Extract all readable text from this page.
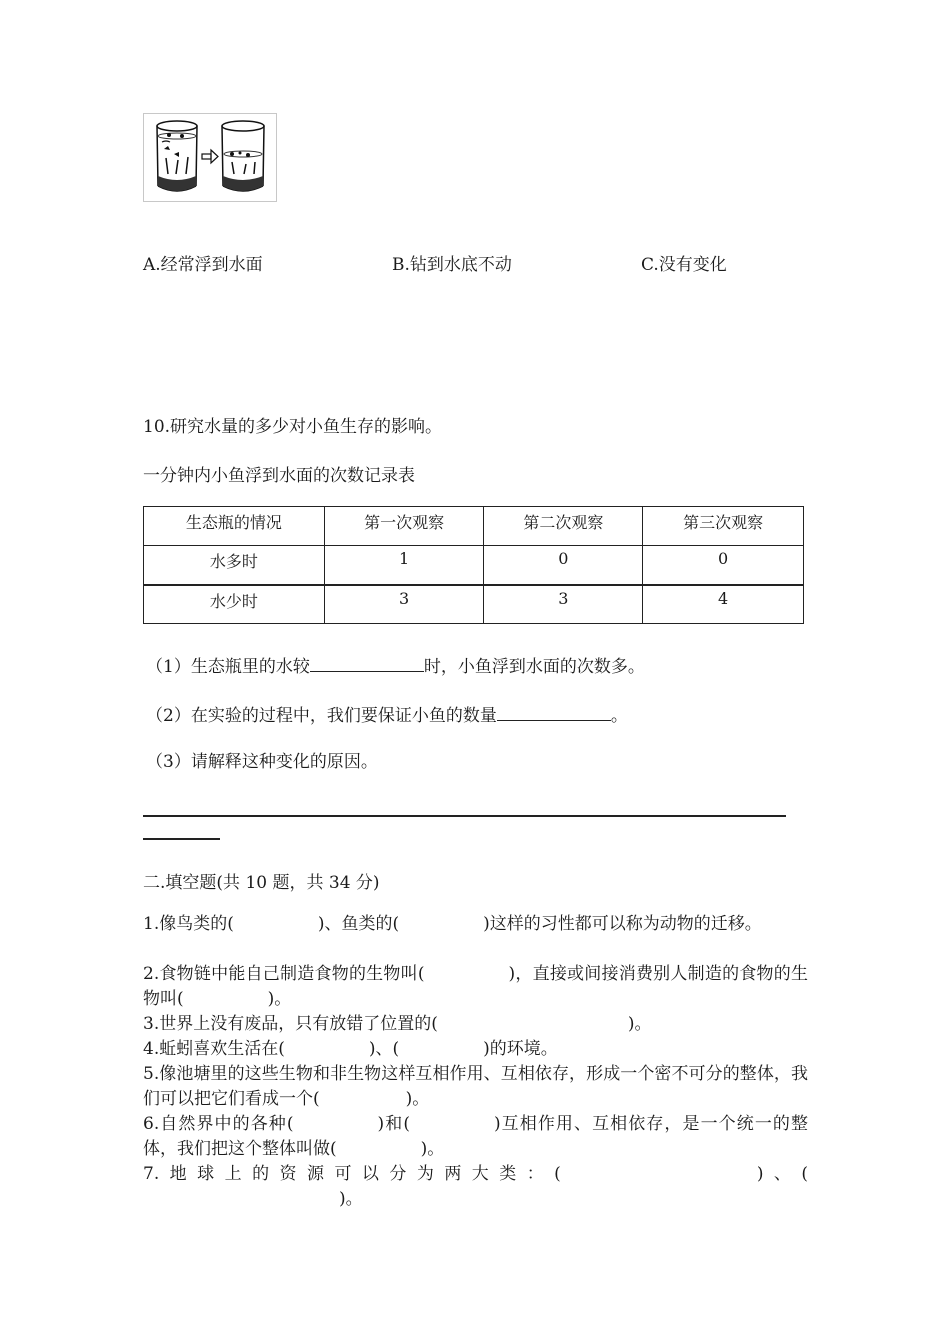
A.经常浮到水面	B.钻到水底不动	C.没有变化
10.研究水量的多少对小鱼生存的影响。
一分钟内小鱼浮到水面的次数记录表
生态瓶的情况	第一次观察	第二次观察	第三次观察
水多时	1	0	0
水少时	3	3	4
（1）生态瓶里的水较	时，小鱼浮到水面的次数多。
（2）在实验的过程中，我们要保证小鱼的数量	。
（3）请解释这种变化的原因。
二.填空题(共 10 题，共 34 分)
1.像鸟类的(	)、鱼类的(	)这样的习性都可以称为动物的迁移。
2.食物链中能自己制造食物的生物叫(	)，直接或间接消费别人制造的食物的生物叫(	)。
3.世界上没有废品，只有放错了位置的(	)。
4.蚯蚓喜欢生活在(	)、(	)的环境。
5.像池塘里的这些生物和非生物这样互相作用、互相依存，形成一个密不可分的整体，我们可以把它们看成一个(	)。
6.自然界中的各种(	)和(	)互相作用、互相依存，是一个统一的整体，我们把这个整体叫做(	)。
7.地球上的资源可以分为两大类：(	)、()。
